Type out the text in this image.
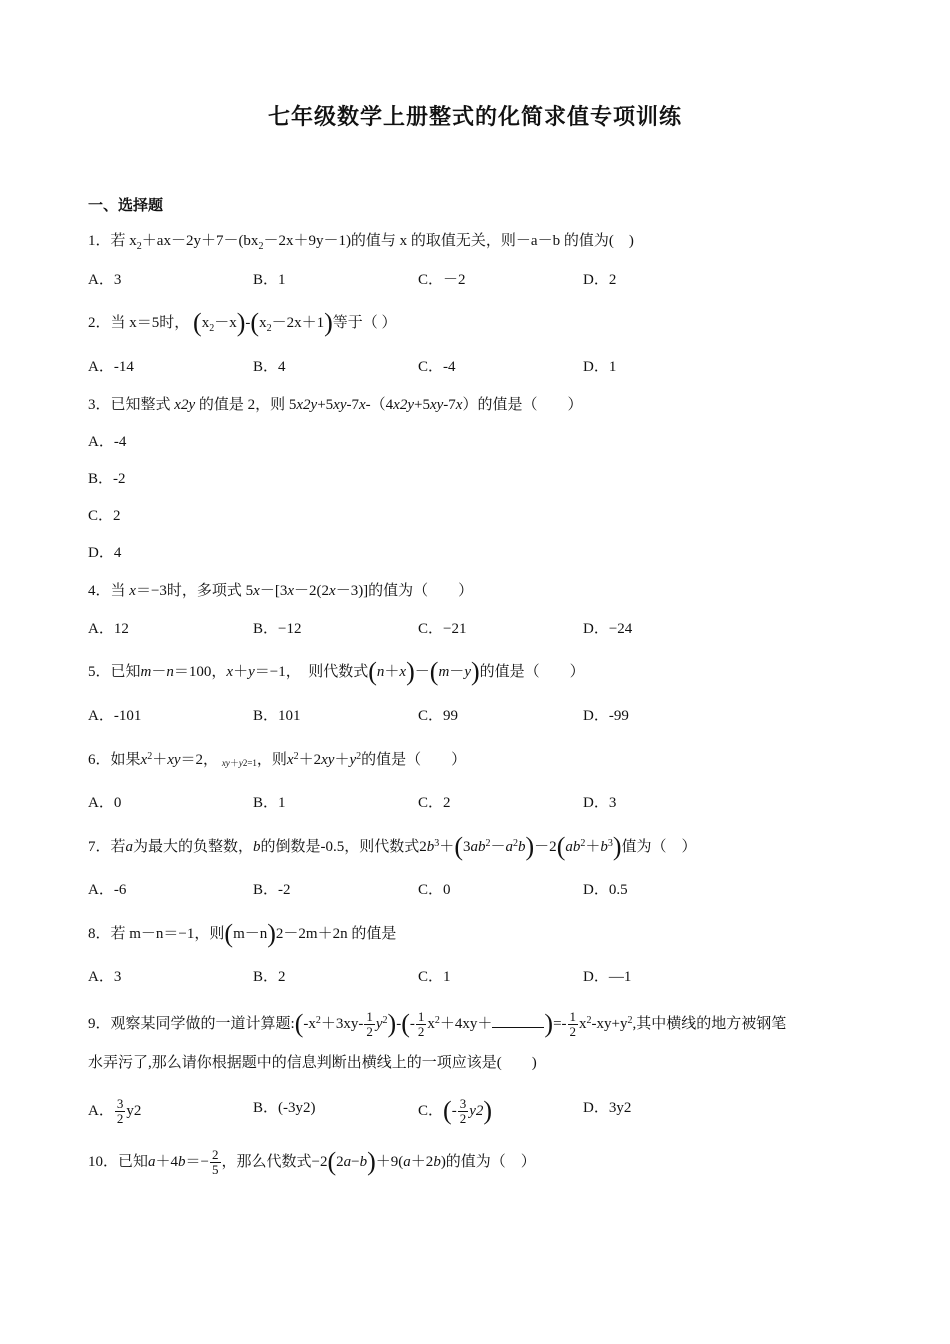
七年级数学上册整式的化简求值专项训练
一、选择题
1．若 $x_2+ax-2y+7-(bx_2-2x+9y-1)$的值与 x 的取值无关，则－a－b 的值为(　)
A．3	B．1	C．－2	D．2
2．当 x＝5时， $(x_2-x)-(x_2-2x+1)$等于（ ）
A．-14	B．4	C．-4	D．1
3．已知整式 x2y 的值是 2，则 5x2y+5xy-7x-（4x2y+5xy-7x）的值是（　　）
A．-4
B．-2
C．2
D．4
4．当 x＝−3时，多项式 5x－[3x－2(2x－3)]的值为（　　）
A．12	B．−12	C．−21	D．−24
5．已知m－n＝100，x＋y＝−1，　则代数式(n＋x)－(m－y)的值是（　　）
A．-101	B．101	C．99	D．-99
6．如果$x^2+xy=2$， xy＋y2=1，则$x^2+2xy+y^2$的值是（　　）
A．0	B．1	C．2	D．3
7．若a为最大的负整数，b的倒数是-0.5，则代数式$2b^3+(3ab^2-a^2b)-2(ab^2+b^3)$值为（　）
A．-6	B．-2	C．0	D．0.5
8．若 m－n＝−1，则(m－n)2－2m＋2n 的值是
A．3	B．2	C．1	D．—1
9．观察某同学做的一道计算题$:(-x^2+3xy- \frac{1}{2} y^2)-(- \frac{1}{2} x^2+4xy+$ )=- $\frac{1}{2} x^2-xy+y^2$,其中横线的地方被钢笔
水弄污了,那么请你根据题中的信息判断出横线上的一项应该是(　　)
A． $\frac{3}{2} y2$	B．(-3y2)	C．(- $\frac{3}{2} y2$)	D．3y2
10．已知$a+4b=- \frac{2}{5}$ ，那么代数式−2(2a−b)＋9(a＋2b)的值为（　）
